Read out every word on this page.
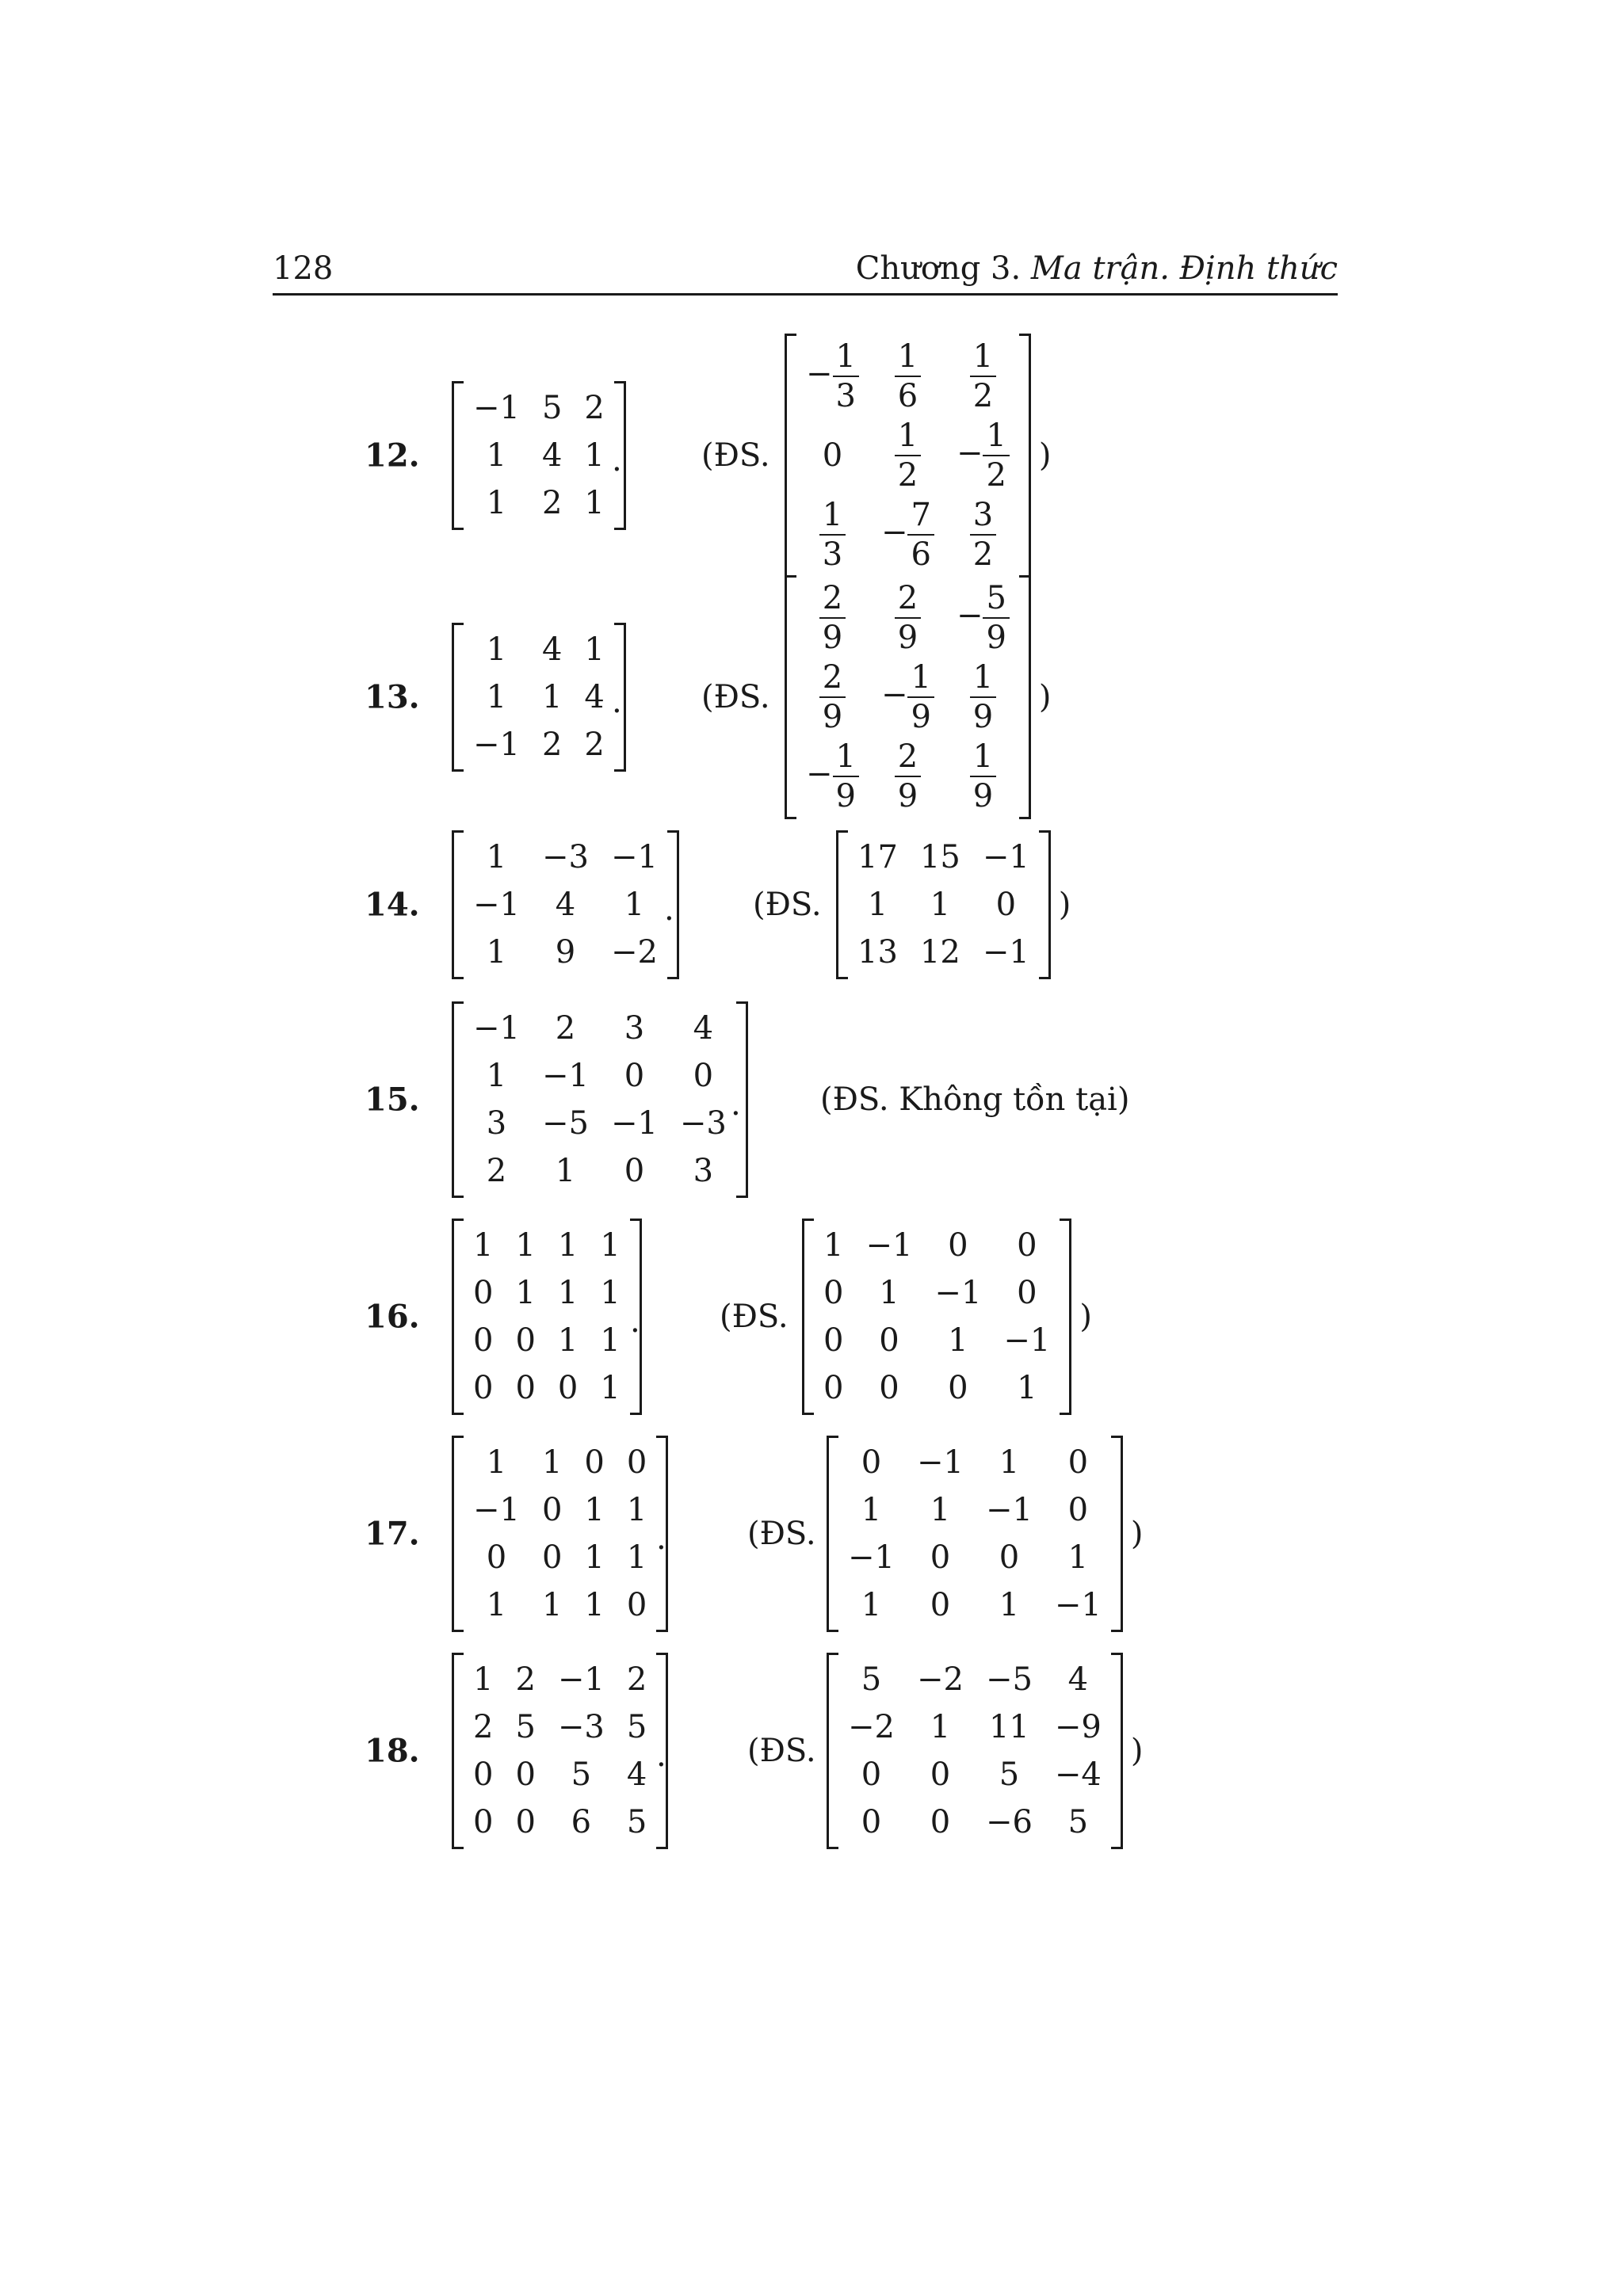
128	Chương 3. Ma trận. Định thức
12.
−1	5	2
1	4	1
1	2	1
.	(ĐS.
− $\frac{1}{3}$	$\frac{1}{6}$	$\frac{1}{2}$

0	$\frac{1}{2}$	− $\frac{1}{2}$

$\frac{1}{3}$	− $\frac{7}{6}$	$\frac{3}{2}$
)
13.
1	4	1
1	1	4
−1	2	2
.	(ĐS.
$\frac{2}{9}$	$\frac{2}{9}$	− $\frac{5}{9}$

$\frac{2}{9}$	− $\frac{1}{9}$	$\frac{1}{9}$

− $\frac{1}{9}$	$\frac{2}{9}$	$\frac{1}{9}$
)
14.
1	−3	−1
−1	4	1
1	9	−2
. (ĐS.
17	15	−1
1	1	0
13	12	−1
)
15.
−1	2	3	4
1	−1	0	0
3	−5	−1	−3
2	1	0	3
.	(ĐS. Không tồn tại)
16.
1	1	1	1
0	1	1	1
0	0	1	1
0	0	0	1
.	(ĐS.
1	−1	0	0
0	1	−1	0
0	0	1	−1
0	0	0	1
)
17.
1	1	0	0
−1	0	1	1
0	0	1	1
1	1	1	0
.	(ĐS.
0	−1	1	0
1	1	−1	0
−1	0	0	1
1	0	1	−1
)
18.
1	2	−1	2
2	5	−3	5
0	0	5	4
0	0	6	5
.	(ĐS.
5	−2	−5	4
−2	1	11	−9
0	0	5	−4
0	0	−6	5
)
